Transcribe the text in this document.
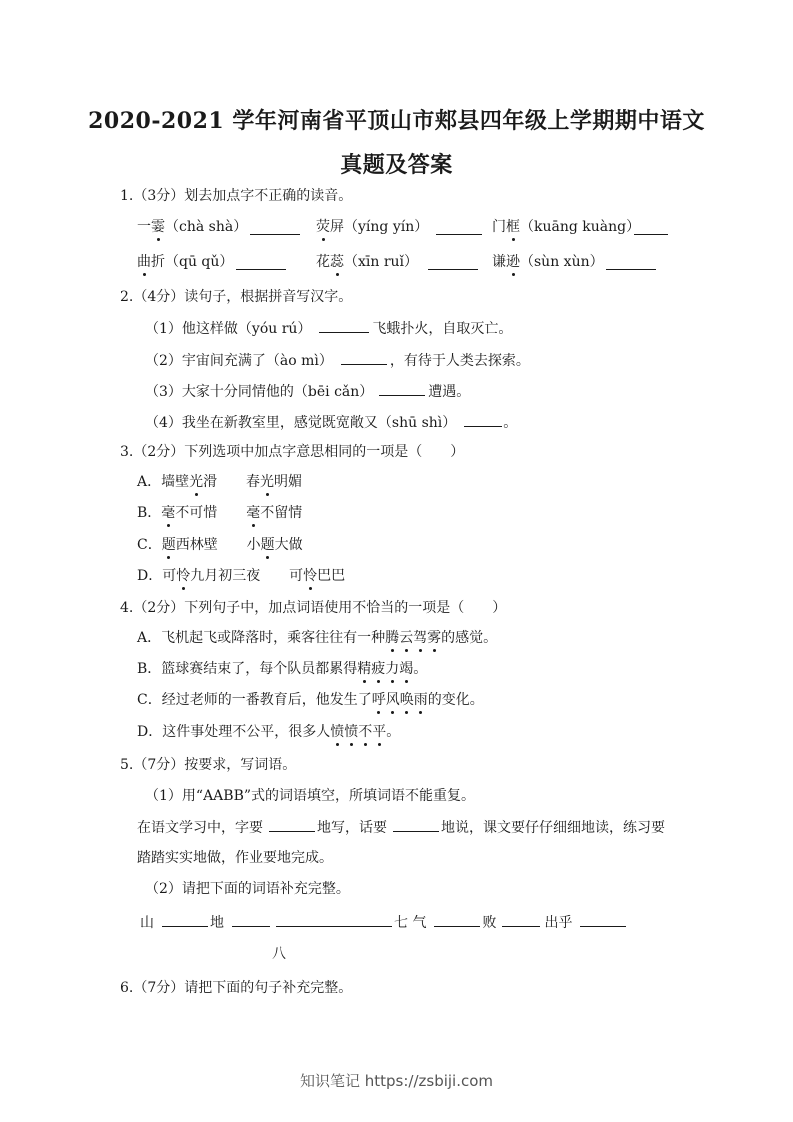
2020-2021 学年河南省平顶山市郏县四年级上学期期中语文
真题及答案
1.（3分）划去加点字不正确的读音。
一霎（chà shà）	荧屏（yíng yín）	门框（kuāng kuàng）
曲折（qū qǔ）	花蕊（xīn ruǐ）	谦逊（sùn xùn）
2.（4分）读句子，根据拼音写汉字。
（1）他这样做（yóu rú）	飞蛾扑火，自取灭亡。
（2）宇宙间充满了（ào mì）	，有待于人类去探索。
（3）大家十分同情他的（bēi cǎn）	遭遇。
（4）我坐在新教室里，感觉既宽敞又（shū shì）	。
3.（2分）下列选项中加点字意思相同的一项是（　　）
A．墙壁光滑 春光明媚
B．毫不可惜 毫不留情
C．题西林壁 小题大做
D．可怜九月初三夜 可怜巴巴
4.（2分）下列句子中，加点词语使用不恰当的一项是（　　）
A．飞机起飞或降落时，乘客往往有一种腾云驾雾的感觉。
B．篮球赛结束了，每个队员都累得精疲力竭。
C．经过老师的一番教育后，他发生了呼风唤雨的变化。
D．这件事处理不公平，很多人愤愤不平。
5.（7分）按要求，写词语。
（1）用“AABB”式的词语填空，所填词语不能重复。
在语文学习中，字要	地写，话要	地说，课文要仔仔细细地读，练习要
踏踏实实地做，作业要地完成。
（2）请把下面的词语补充完整。
山	地	七 气	败	出乎
八
6.（7分）请把下面的句子补充完整。
知识笔记 https://zsbiji.com
